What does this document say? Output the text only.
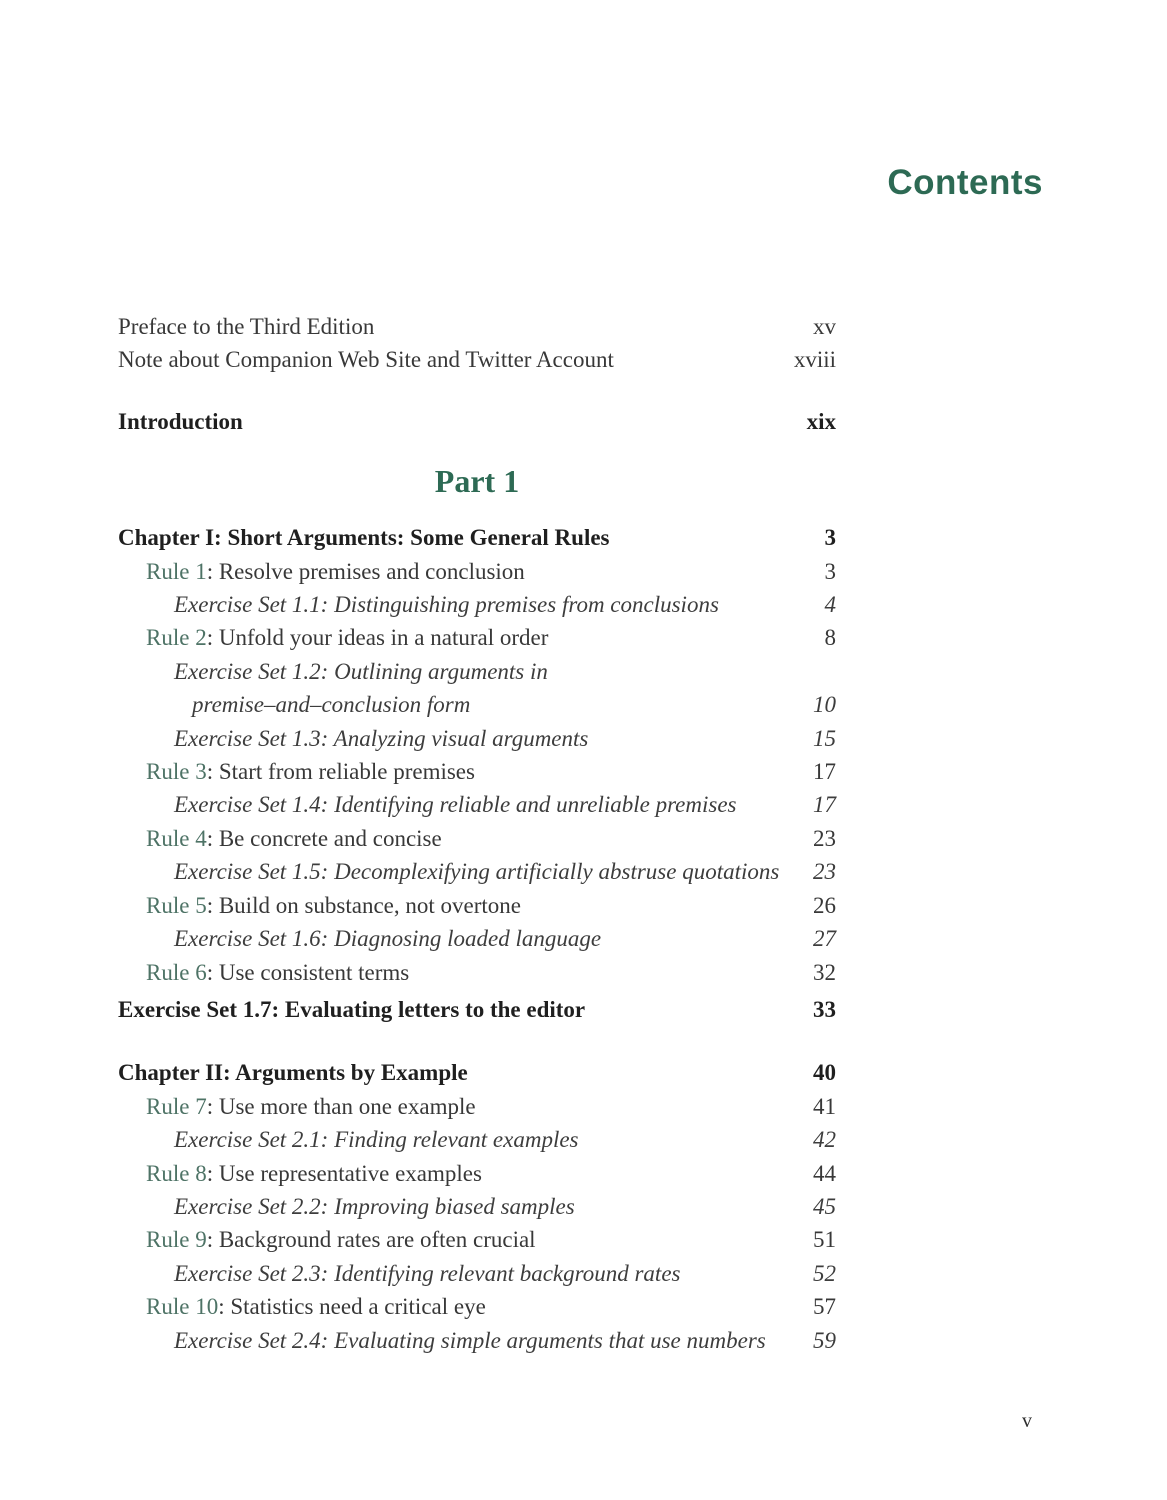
Contents
Preface to the Third Edition	xv
Note about Companion Web Site and Twitter Account	xviii
Introduction	xix
Part 1
Chapter I: Short Arguments: Some General Rules	3
Rule 1: Resolve premises and conclusion	3
Exercise Set 1.1: Distinguishing premises from conclusions	4
Rule 2: Unfold your ideas in a natural order	8
Exercise Set 1.2: Outlining arguments in
premise–and–conclusion form	10
Exercise Set 1.3: Analyzing visual arguments	15
Rule 3: Start from reliable premises	17
Exercise Set 1.4: Identifying reliable and unreliable premises	17
Rule 4: Be concrete and concise	23
Exercise Set 1.5: Decomplexifying artificially abstruse quotations	23
Rule 5: Build on substance, not overtone	26
Exercise Set 1.6: Diagnosing loaded language	27
Rule 6: Use consistent terms	32
Exercise Set 1.7: Evaluating letters to the editor	33
Chapter II: Arguments by Example	40
Rule 7: Use more than one example	41
Exercise Set 2.1: Finding relevant examples	42
Rule 8: Use representative examples	44
Exercise Set 2.2: Improving biased samples	45
Rule 9: Background rates are often crucial	51
Exercise Set 2.3: Identifying relevant background rates	52
Rule 10: Statistics need a critical eye	57
Exercise Set 2.4: Evaluating simple arguments that use numbers	59
v
